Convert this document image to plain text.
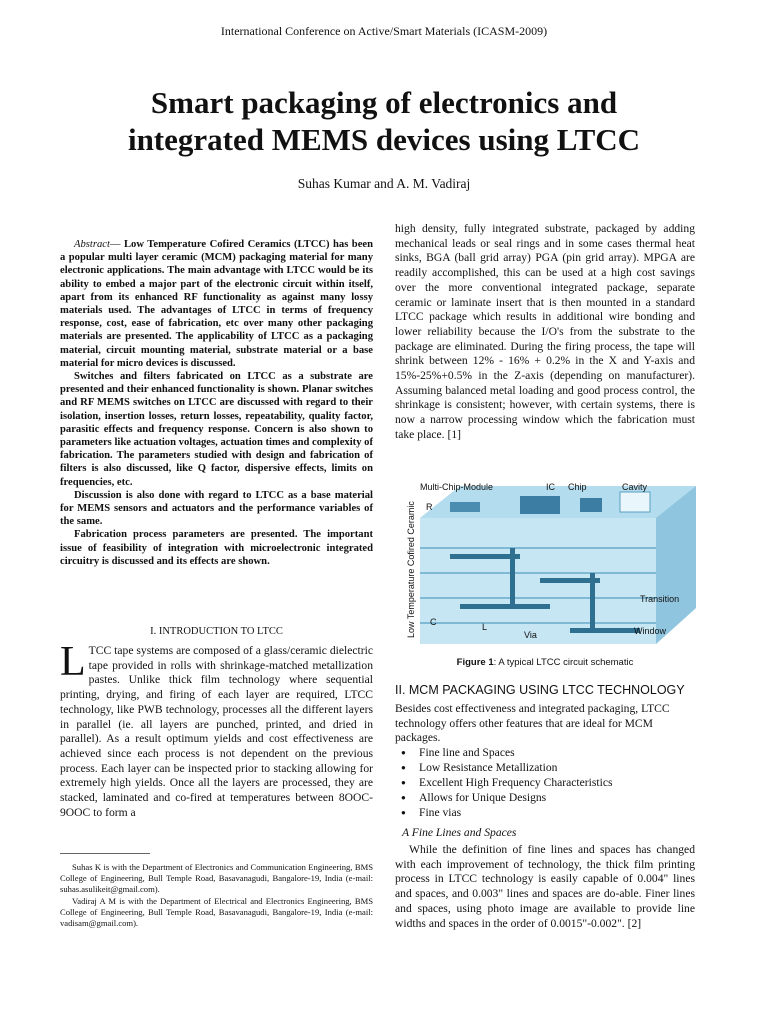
International Conference on Active/Smart Materials (ICASM-2009)
Smart packaging of electronics and
integrated MEMS devices using LTCC
Suhas Kumar and A. M. Vadiraj

Abstract— Low Temperature Cofired Ceramics (LTCC) has been a popular multi layer ceramic (MCM) packaging material for many electronic applications. The main advantage with LTCC would be its ability to embed a major part of the electronic circuit within itself, apart from its enhanced RF functionality as against many lossy materials used. The advantages of LTCC in terms of frequency response, cost, ease of fabrication, etc over many other packaging materials are presented. The applicability of LTCC as a packaging material, circuit mounting material, substrate material or a base material for micro devices is discussed.

Switches and filters fabricated on LTCC as a substrate are presented and their enhanced functionality is shown. Planar switches and RF MEMS switches on LTCC are discussed with regard to their isolation, insertion losses, return losses, repeatability, quality factor, parasitic effects and frequency response. Concern is also shown to parameters like actuation voltages, actuation times and complexity of fabrication. The parameters studied with design and fabrication of filters is also discussed, like Q factor, dispersive effects, limits on frequencies, etc.

Discussion is also done with regard to LTCC as a base material for MEMS sensors and actuators and the performance variables of the same.

Fabrication process parameters are presented. The important issue of feasibility of integration with microelectronic integrated circuitry is discussed and its effects are shown.

I. INTRODUCTION TO LTCC
LTCC tape systems are composed of a glass/ceramic dielectric tape provided in rolls with shrinkage-matched metallization pastes. Unlike thick film technology where sequential printing, drying, and firing of each layer are required, LTCC technology, like PWB technology, processes all the different layers in parallel (ie. all layers are punched, printed, and dried in parallel). As a result optimum yields and cost effectiveness are achieved since each process is not dependent on the previous process. Each layer can be inspected prior to stacking allowing for extremely high yields. Once all the layers are processed, they are stacked, laminated and co-fired at temperatures between 8OOC-9OOC to form a

Suhas K is with the Department of Electronics and Communication Engineering, BMS College of Engineering, Bull Temple Road, Basavanagudi, Bangalore-19, India (e-mail: suhas.asulikeit@gmail.com).

Vadiraj A M is with the Department of Electrical and Electronics Engineering, BMS College of Engineering, Bull Temple Road, Basavanagudi, Bangalore-19, India (e-mail: vadisam@gmail.com).

high density, fully integrated substrate, packaged by adding mechanical leads or seal rings and in some cases thermal heat sinks, BGA (ball grid array) PGA (pin grid array). MPGA are readily accomplished, this can be used at a high cost savings over the more conventional integrated package, separate ceramic or laminate insert that is then mounted in a standard LTCC package which results in additional wire bonding and lower reliability because the I/O's from the substrate to the package are eliminated. During the firing process, the tape will shrink between 12% - 16% + 0.2% in the X and Y-axis and 15%-25%+0.5% in the Z-axis (depending on manufacturer). Assuming balanced metal loading and good process control, the shrinkage is consistent; however, with certain systems, there is now a narrow processing window which the fabrication must take place. [1]
Multi-Chip-Module	IC Chip	Cavity
R
Transition
Window
C	L
Via
Low Temperature Cofired Ceramic
Figure 1: A typical LTCC circuit schematic
II. MCM PACKAGING USING LTCC TECHNOLOGY
Besides cost effectiveness and integrated packaging, LTCC technology offers other features that are ideal for MCM packages.
● Fine line and Spaces
● Low Resistance Metallization
● Excellent High Frequency Characteristics
● Allows for Unique Designs
● Fine vias
A Fine Lines and Spaces
While the definition of fine lines and spaces has changed with each improvement of technology, the thick film printing process in LTCC technology is easily capable of 0.004" lines and spaces, and 0.003" lines and spaces are do-able. Finer lines and spaces, using photo image are available to provide line widths and spaces in the order of 0.0015"-0.002". [2]
